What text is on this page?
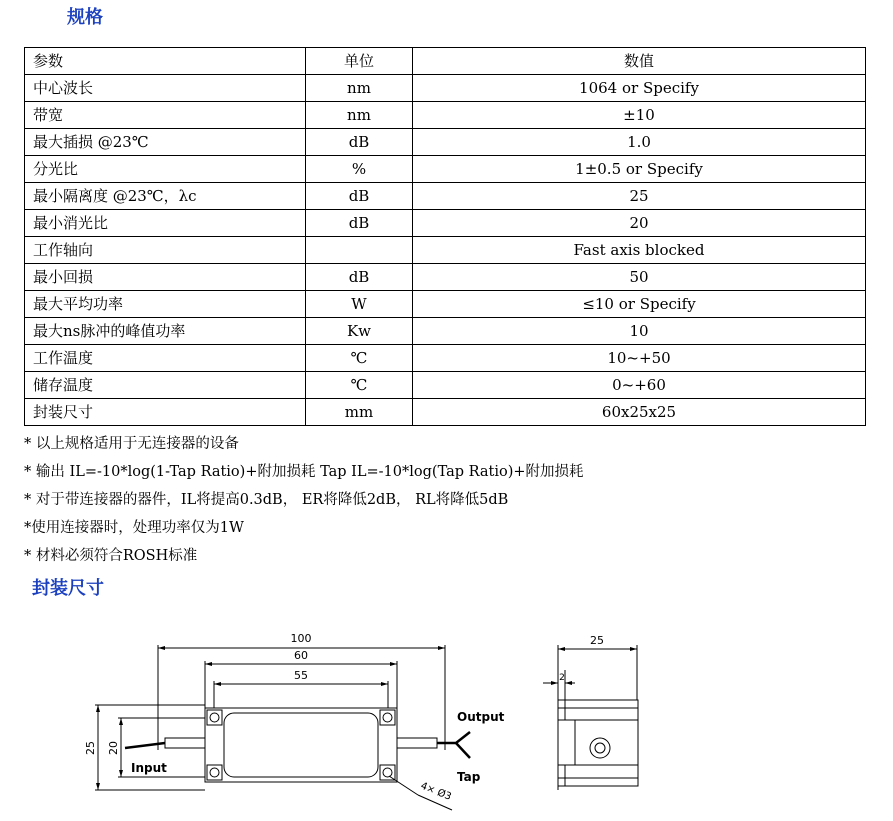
规格
参数	单位	数值
中心波长	nm	1064 or Specify
带宽	nm	±10
最大插损 @23℃	dB	1.0
分光比	%	1±0.5 or Specify
最小隔离度 @23℃，λc	dB	25
最小消光比	dB	20
工作轴向		Fast axis blocked
最小回损	dB	50
最大平均功率	W	≤10 or Specify
最大ns脉冲的峰值功率	Kw	10
工作温度	℃	10~+50
储存温度	℃	0~+60
封装尺寸	mm	60x25x25
* 以上规格适用于无连接器的设备
* 输出 IL=-10*log(1-Tap Ratio)+附加损耗 Tap IL=-10*log(Tap Ratio)+附加损耗
* 对于带连接器的器件，IL将提高0.3dB， ER将降低2dB， RL将降低5dB
*使用连接器时，处理功率仅为1W
* 材料必须符合ROSH标准
封装尺寸
100
60
55
25
2
25 20
4× Ø3
Input
Output
Tap
